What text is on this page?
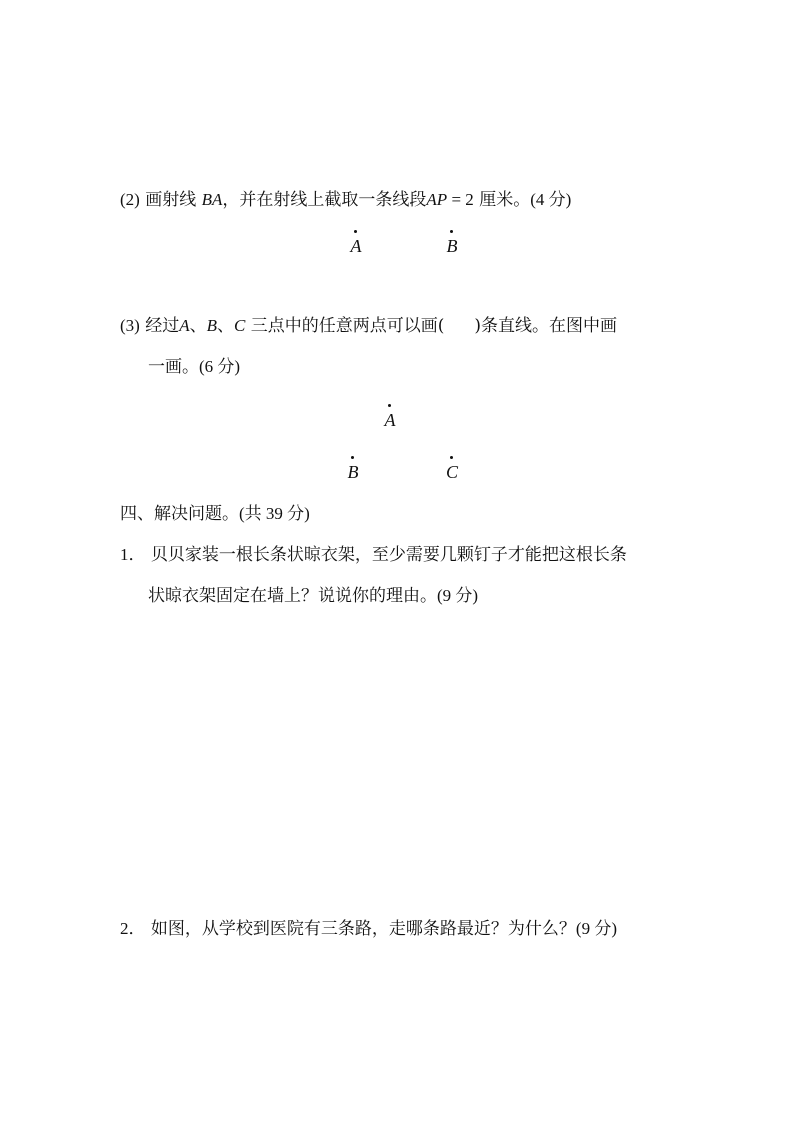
(2) 画射线 BA，并在射线上截取一条线段AP = 2 厘米。(4 分)
A	B
(3) 经过A、B、C 三点中的任意两点可以画( )条直线。在图中画
一画。(6 分)
A
B	C
四、解决问题。(共 39 分)
1． 贝贝家装一根长条状晾衣架，至少需要几颗钉子才能把这根长条
状晾衣架固定在墙上？说说你的理由。(9 分)
2． 如图，从学校到医院有三条路，走哪条路最近？为什么？(9 分)
